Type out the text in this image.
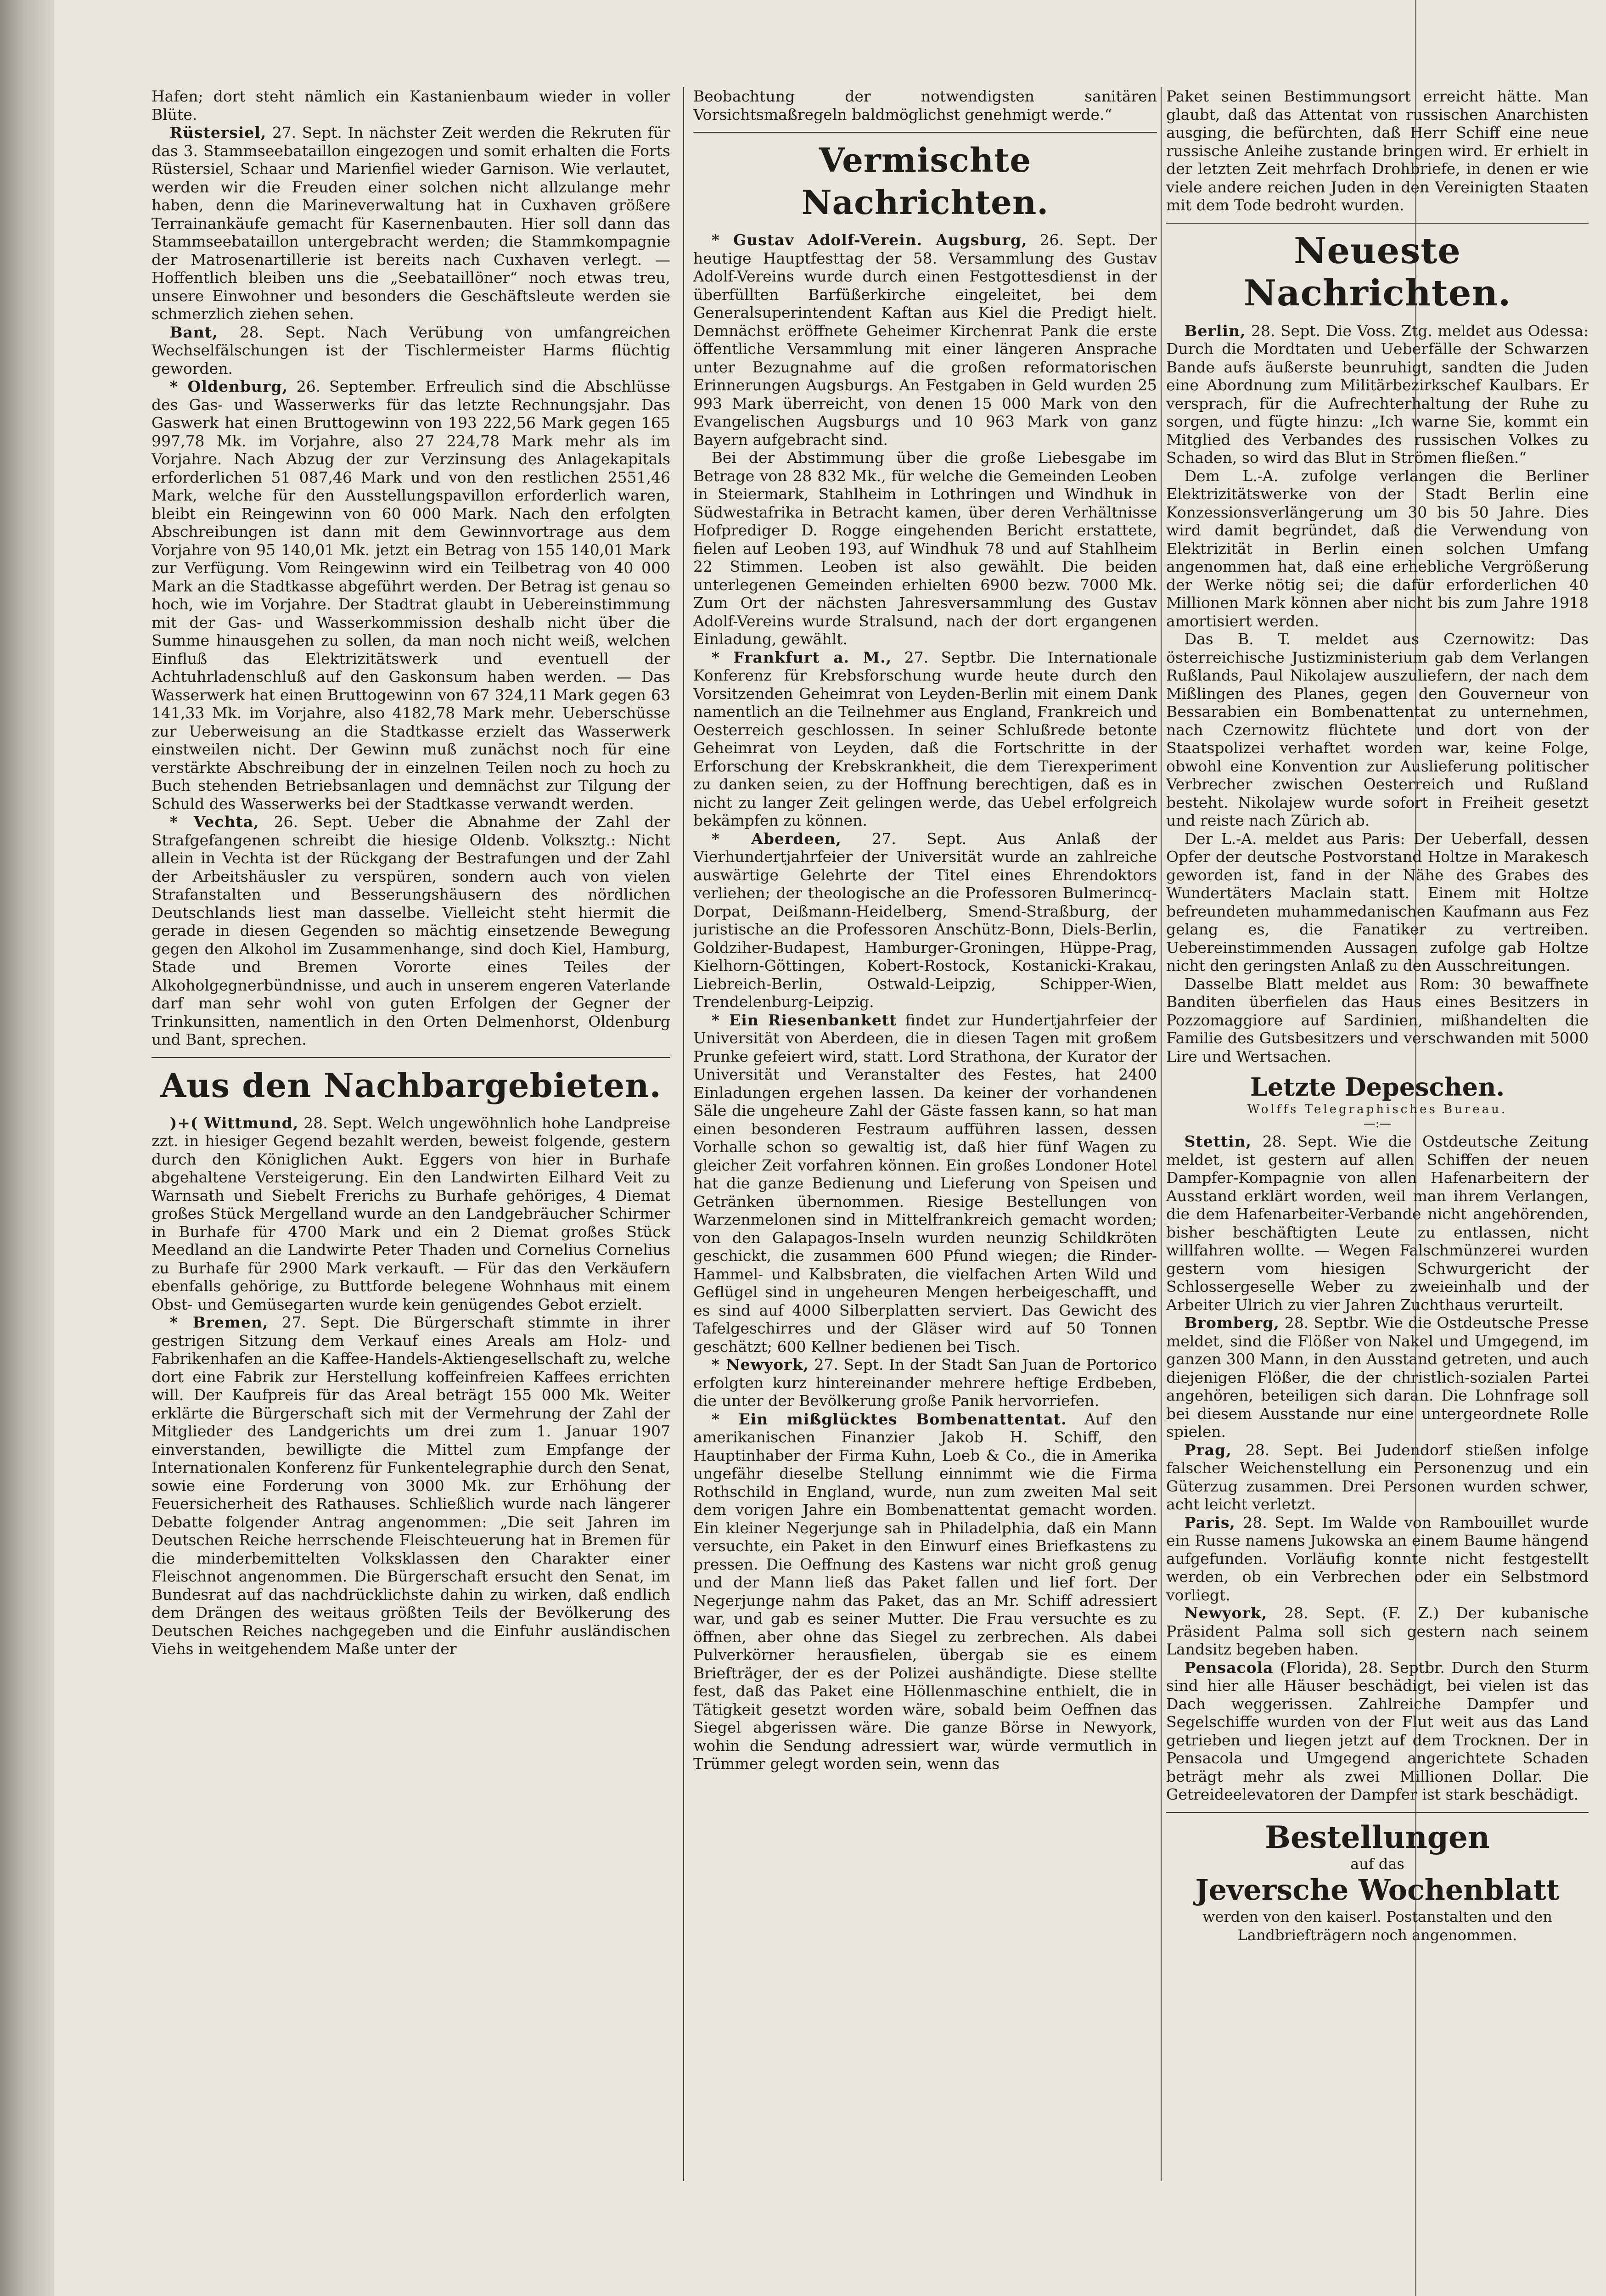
Hafen; dort steht nämlich ein Kastanienbaum wieder in voller Blüte.

Rüstersiel, 27. Sept. In nächster Zeit werden die Rekruten für das 3. Stammseebataillon eingezogen und somit erhalten die Forts Rüstersiel, Schaar und Marienfiel wieder Garnison. Wie verlautet, werden wir die Freuden einer solchen nicht allzulange mehr haben, denn die Marineverwaltung hat in Cuxhaven größere Terrainankäufe gemacht für Kasernenbauten. Hier soll dann das Stammseebataillon untergebracht werden; die Stammkompagnie der Matrosenartillerie ist bereits nach Cuxhaven verlegt. — Hoffentlich bleiben uns die „Seebataillöner“ noch etwas treu, unsere Einwohner und besonders die Geschäftsleute werden sie schmerzlich ziehen sehen.

Bant, 28. Sept. Nach Verübung von umfangreichen Wechselfälschungen ist der Tischlermeister Harms flüchtig geworden.

* Oldenburg, 26. September. Erfreulich sind die Abschlüsse des Gas- und Wasserwerks für das letzte Rechnungsjahr. Das Gaswerk hat einen Bruttogewinn von 193 222,56 Mark gegen 165 997,78 Mk. im Vorjahre, also 27 224,78 Mark mehr als im Vorjahre. Nach Abzug der zur Verzinsung des Anlagekapitals erforderlichen 51 087,46 Mark und von den restlichen 2551,46 Mark, welche für den Ausstellungspavillon erforderlich waren, bleibt ein Reingewinn von 60 000 Mark. Nach den erfolgten Abschreibungen ist dann mit dem Gewinnvortrage aus dem Vorjahre von 95 140,01 Mk. jetzt ein Betrag von 155 140,01 Mark zur Verfügung. Vom Reingewinn wird ein Teilbetrag von 40 000 Mark an die Stadtkasse abgeführt werden. Der Betrag ist genau so hoch, wie im Vorjahre. Der Stadtrat glaubt in Uebereinstimmung mit der Gas- und Wasserkommission deshalb nicht über die Summe hinausgehen zu sollen, da man noch nicht weiß, welchen Einfluß das Elektrizitätswerk und eventuell der Achtuhrladenschluß auf den Gaskonsum haben werden. — Das Wasserwerk hat einen Bruttogewinn von 67 324,11 Mark gegen 63 141,33 Mk. im Vorjahre, also 4182,78 Mark mehr. Ueberschüsse zur Ueberweisung an die Stadtkasse erzielt das Wasserwerk einstweilen nicht. Der Gewinn muß zunächst noch für eine verstärkte Abschreibung der in einzelnen Teilen noch zu hoch zu Buch stehenden Betriebsanlagen und demnächst zur Tilgung der Schuld des Wasserwerks bei der Stadtkasse verwandt werden.

* Vechta, 26. Sept. Ueber die Abnahme der Zahl der Strafgefangenen schreibt die hiesige Oldenb. Volksztg.: Nicht allein in Vechta ist der Rückgang der Bestrafungen und der Zahl der Arbeitshäusler zu verspüren, sondern auch von vielen Strafanstalten und Besserungshäusern des nördlichen Deutschlands liest man dasselbe. Vielleicht steht hiermit die gerade in diesen Gegenden so mächtig einsetzende Bewegung gegen den Alkohol im Zusammenhange, sind doch Kiel, Hamburg, Stade und Bremen Vororte eines Teiles der Alkoholgegnerbündnisse, und auch in unserem engeren Vaterlande darf man sehr wohl von guten Erfolgen der Gegner der Trinkunsitten, namentlich in den Orten Delmenhorst, Oldenburg und Bant, sprechen.

Aus den Nachbargebieten.

)+( Wittmund, 28. Sept. Welch ungewöhnlich hohe Landpreise zzt. in hiesiger Gegend bezahlt werden, beweist folgende, gestern durch den Königlichen Aukt. Eggers von hier in Burhafe abgehaltene Versteigerung. Ein den Landwirten Eilhard Veit zu Warnsath und Siebelt Frerichs zu Burhafe gehöriges, 4 Diemat großes Stück Mergelland wurde an den Landgebräucher Schirmer in Burhafe für 4700 Mark und ein 2 Diemat großes Stück Meedland an die Landwirte Peter Thaden und Cornelius Cornelius zu Burhafe für 2900 Mark verkauft. — Für das den Verkäufern ebenfalls gehörige, zu Buttforde belegene Wohnhaus mit einem Obst- und Gemüsegarten wurde kein genügendes Gebot erzielt.

* Bremen, 27. Sept. Die Bürgerschaft stimmte in ihrer gestrigen Sitzung dem Verkauf eines Areals am Holz- und Fabrikenhafen an die Kaffee-Handels-Aktiengesellschaft zu, welche dort eine Fabrik zur Herstellung koffeinfreien Kaffees errichten will. Der Kaufpreis für das Areal beträgt 155 000 Mk. Weiter erklärte die Bürgerschaft sich mit der Vermehrung der Zahl der Mitglieder des Landgerichts um drei zum 1. Januar 1907 einverstanden, bewilligte die Mittel zum Empfange der Internationalen Konferenz für Funkentelegraphie durch den Senat, sowie eine Forderung von 3000 Mk. zur Erhöhung der Feuersicherheit des Rathauses. Schließlich wurde nach längerer Debatte folgender Antrag angenommen: „Die seit Jahren im Deutschen Reiche herrschende Fleischteuerung hat in Bremen für die minderbemittelten Volksklassen den Charakter einer Fleischnot angenommen. Die Bürgerschaft ersucht den Senat, im Bundesrat auf das nachdrücklichste dahin zu wirken, daß endlich dem Drängen des weitaus größten Teils der Bevölkerung des Deutschen Reiches nachgegeben und die Einfuhr ausländischen Viehs in weitgehendem Maße unter der

Beobachtung der notwendigsten sanitären Vorsichtsmaßregeln baldmöglichst genehmigt werde.“

Vermischte Nachrichten.

* Gustav Adolf-Verein. Augsburg, 26. Sept. Der heutige Hauptfesttag der 58. Versammlung des Gustav Adolf-Vereins wurde durch einen Festgottesdienst in der überfüllten Barfüßerkirche eingeleitet, bei dem Generalsuperintendent Kaftan aus Kiel die Predigt hielt. Demnächst eröffnete Geheimer Kirchenrat Pank die erste öffentliche Versammlung mit einer längeren Ansprache unter Bezugnahme auf die großen reformatorischen Erinnerungen Augsburgs. An Festgaben in Geld wurden 25 993 Mark überreicht, von denen 15 000 Mark von den Evangelischen Augsburgs und 10 963 Mark von ganz Bayern aufgebracht sind.

Bei der Abstimmung über die große Liebesgabe im Betrage von 28 832 Mk., für welche die Gemeinden Leoben in Steiermark, Stahlheim in Lothringen und Windhuk in Südwestafrika in Betracht kamen, über deren Verhältnisse Hofprediger D. Rogge eingehenden Bericht erstattete, fielen auf Leoben 193, auf Windhuk 78 und auf Stahlheim 22 Stimmen. Leoben ist also gewählt. Die beiden unterlegenen Gemeinden erhielten 6900 bezw. 7000 Mk. Zum Ort der nächsten Jahresversammlung des Gustav Adolf-Vereins wurde Stralsund, nach der dort ergangenen Einladung, gewählt.

* Frankfurt a. M., 27. Septbr. Die Internationale Konferenz für Krebsforschung wurde heute durch den Vorsitzenden Geheimrat von Leyden-Berlin mit einem Dank namentlich an die Teilnehmer aus England, Frankreich und Oesterreich geschlossen. In seiner Schlußrede betonte Geheimrat von Leyden, daß die Fortschritte in der Erforschung der Krebskrankheit, die dem Tierexperiment zu danken seien, zu der Hoffnung berechtigen, daß es in nicht zu langer Zeit gelingen werde, das Uebel erfolgreich bekämpfen zu können.

* Aberdeen, 27. Sept. Aus Anlaß der Vierhundertjahrfeier der Universität wurde an zahlreiche auswärtige Gelehrte der Titel eines Ehrendoktors verliehen; der theologische an die Professoren Bulmerincq-Dorpat, Deißmann-Heidelberg, Smend-Straßburg, der juristische an die Professoren Anschütz-Bonn, Diels-Berlin, Goldziher-Budapest, Hamburger-Groningen, Hüppe-Prag, Kielhorn-Göttingen, Kobert-Rostock, Kostanicki-Krakau, Liebreich-Berlin, Ostwald-Leipzig, Schipper-Wien, Trendelenburg-Leipzig.

* Ein Riesenbankett findet zur Hundertjahrfeier der Universität von Aberdeen, die in diesen Tagen mit großem Prunke gefeiert wird, statt. Lord Strathona, der Kurator der Universität und Veranstalter des Festes, hat 2400 Einladungen ergehen lassen. Da keiner der vorhandenen Säle die ungeheure Zahl der Gäste fassen kann, so hat man einen besonderen Festraum aufführen lassen, dessen Vorhalle schon so gewaltig ist, daß hier fünf Wagen zu gleicher Zeit vorfahren können. Ein großes Londoner Hotel hat die ganze Bedienung und Lieferung von Speisen und Getränken übernommen. Riesige Bestellungen von Warzenmelonen sind in Mittelfrankreich gemacht worden; von den Galapagos-Inseln wurden neunzig Schildkröten geschickt, die zusammen 600 Pfund wiegen; die Rinder-Hammel- und Kalbsbraten, die vielfachen Arten Wild und Geflügel sind in ungeheuren Mengen herbeigeschafft, und es sind auf 4000 Silberplatten serviert. Das Gewicht des Tafelgeschirres und der Gläser wird auf 50 Tonnen geschätzt; 600 Kellner bedienen bei Tisch.

* Newyork, 27. Sept. In der Stadt San Juan de Portorico erfolgten kurz hintereinander mehrere heftige Erdbeben, die unter der Bevölkerung große Panik hervorriefen.

* Ein mißglücktes Bombenattentat. Auf den amerikanischen Finanzier Jakob H. Schiff, den Hauptinhaber der Firma Kuhn, Loeb & Co., die in Amerika ungefähr dieselbe Stellung einnimmt wie die Firma Rothschild in England, wurde, nun zum zweiten Mal seit dem vorigen Jahre ein Bombenattentat gemacht worden. Ein kleiner Negerjunge sah in Philadelphia, daß ein Mann versuchte, ein Paket in den Einwurf eines Briefkastens zu pressen. Die Oeffnung des Kastens war nicht groß genug und der Mann ließ das Paket fallen und lief fort. Der Negerjunge nahm das Paket, das an Mr. Schiff adressiert war, und gab es seiner Mutter. Die Frau versuchte es zu öffnen, aber ohne das Siegel zu zerbrechen. Als dabei Pulverkörner herausfielen, übergab sie es einem Briefträger, der es der Polizei aushändigte. Diese stellte fest, daß das Paket eine Höllenmaschine enthielt, die in Tätigkeit gesetzt worden wäre, sobald beim Oeffnen das Siegel abgerissen wäre. Die ganze Börse in Newyork, wohin die Sendung adressiert war, würde vermutlich in Trümmer gelegt worden sein, wenn das

Paket seinen Bestimmungsort erreicht hätte. Man glaubt, daß das Attentat von russischen Anarchisten ausging, die befürchten, daß Herr Schiff eine neue russische Anleihe zustande bringen wird. Er erhielt in der letzten Zeit mehrfach Drohbriefe, in denen er wie viele andere reichen Juden in den Vereinigten Staaten mit dem Tode bedroht wurden.

Neueste Nachrichten.

Berlin, 28. Sept. Die Voss. Ztg. meldet aus Odessa: Durch die Mordtaten und Ueberfälle der Schwarzen Bande aufs äußerste beunruhigt, sandten die Juden eine Abordnung zum Militärbezirkschef Kaulbars. Er versprach, für die Aufrechterhaltung der Ruhe zu sorgen, und fügte hinzu: „Ich warne Sie, kommt ein Mitglied des Verbandes des russischen Volkes zu Schaden, so wird das Blut in Strömen fließen.“

Dem L.-A. zufolge verlangen die Berliner Elektrizitätswerke von der Stadt Berlin eine Konzessionsverlängerung um 30 bis 50 Jahre. Dies wird damit begründet, daß die Verwendung von Elektrizität in Berlin einen solchen Umfang angenommen hat, daß eine erhebliche Vergrößerung der Werke nötig sei; die dafür erforderlichen 40 Millionen Mark können aber nicht bis zum Jahre 1918 amortisiert werden.

Das B. T. meldet aus Czernowitz: Das österreichische Justizministerium gab dem Verlangen Rußlands, Paul Nikolajew auszuliefern, der nach dem Mißlingen des Planes, gegen den Gouverneur von Bessarabien ein Bombenattentat zu unternehmen, nach Czernowitz flüchtete und dort von der Staatspolizei verhaftet worden war, keine Folge, obwohl eine Konvention zur Auslieferung politischer Verbrecher zwischen Oesterreich und Rußland besteht. Nikolajew wurde sofort in Freiheit gesetzt und reiste nach Zürich ab.

Der L.-A. meldet aus Paris: Der Ueberfall, dessen Opfer der deutsche Postvorstand Holtze in Marakesch geworden ist, fand in der Nähe des Grabes des Wundertäters Maclain statt. Einem mit Holtze befreundeten muhammedanischen Kaufmann aus Fez gelang es, die Fanatiker zu vertreiben. Uebereinstimmenden Aussagen zufolge gab Holtze nicht den geringsten Anlaß zu den Ausschreitungen.

Dasselbe Blatt meldet aus Rom: 30 bewaffnete Banditen überfielen das Haus eines Besitzers in Pozzomaggiore auf Sardinien, mißhandelten die Familie des Gutsbesitzers und verschwanden mit 5000 Lire und Wertsachen.

Letzte Depeschen.
Wolffs Telegraphisches Bureau.
—:—

Stettin, 28. Sept. Wie die Ostdeutsche Zeitung meldet, ist gestern auf allen Schiffen der neuen Dampfer-Kompagnie von allen Hafenarbeitern der Ausstand erklärt worden, weil man ihrem Verlangen, die dem Hafenarbeiter-Verbande nicht angehörenden, bisher beschäftigten Leute zu entlassen, nicht willfahren wollte. — Wegen Falschmünzerei wurden gestern vom hiesigen Schwurgericht der Schlossergeselle Weber zu zweieinhalb und der Arbeiter Ulrich zu vier Jahren Zuchthaus verurteilt.

Bromberg, 28. Septbr. Wie die Ostdeutsche Presse meldet, sind die Flößer von Nakel und Umgegend, im ganzen 300 Mann, in den Ausstand getreten, und auch diejenigen Flößer, die der christlich-sozialen Partei angehören, beteiligen sich daran. Die Lohnfrage soll bei diesem Ausstande nur eine untergeordnete Rolle spielen.

Prag, 28. Sept. Bei Judendorf stießen infolge falscher Weichenstellung ein Personenzug und ein Güterzug zusammen. Drei Personen wurden schwer, acht leicht verletzt.

Paris, 28. Sept. Im Walde von Rambouillet wurde ein Russe namens Jukowska an einem Baume hängend aufgefunden. Vorläufig konnte nicht festgestellt werden, ob ein Verbrechen oder ein Selbstmord vorliegt.

Newyork, 28. Sept. (F. Z.) Der kubanische Präsident Palma soll sich gestern nach seinem Landsitz begeben haben.

Pensacola (Florida), 28. Septbr. Durch den Sturm sind hier alle Häuser beschädigt, bei vielen ist das Dach weggerissen. Zahlreiche Dampfer und Segelschiffe wurden von der Flut weit aus das Land getrieben und liegen jetzt auf dem Trocknen. Der in Pensacola und Umgegend angerichtete Schaden beträgt mehr als zwei Millionen Dollar. Die Getreideelevatoren der Dampfer ist stark beschädigt.

Bestellungen
auf das
Jeversche Wochenblatt
werden von den kaiserl. Postanstalten und den Landbriefträgern noch angenommen.
